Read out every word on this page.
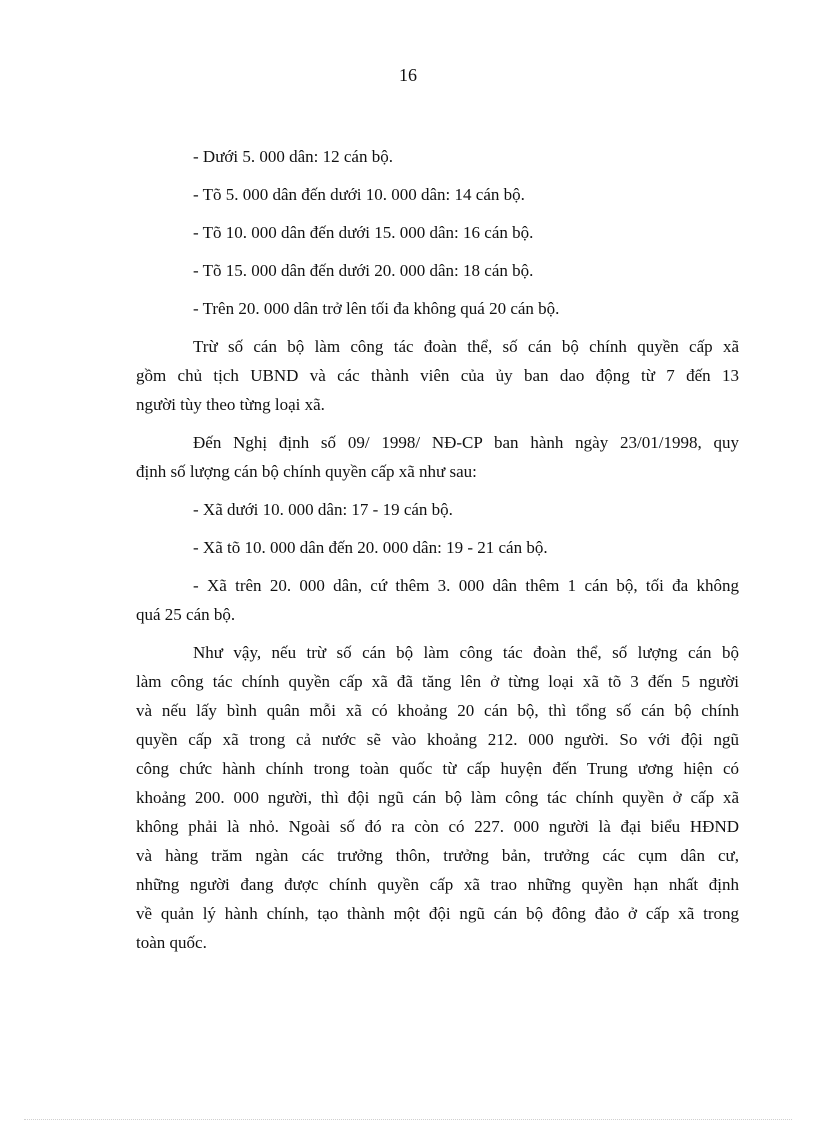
16
- Dưới 5. 000 dân: 12 cán bộ.
- Tõ 5. 000 dân đến dưới 10. 000 dân: 14 cán bộ.
- Tõ 10. 000 dân đến dưới 15. 000 dân: 16 cán bộ.
- Tõ 15. 000 dân đến dưới 20. 000 dân: 18 cán bộ.
- Trên 20. 000 dân trở lên tối đa không quá 20 cán bộ.
Trừ số cán bộ làm công tác đoàn thể, số cán bộ chính quyền cấp xã
gồm chủ tịch UBND và các thành viên của ủy ban dao động từ 7 đến 13
người tùy theo từng loại xã.
Đến Nghị định số 09/ 1998/ NĐ-CP ban hành ngày 23/01/1998, quy
định số lượng cán bộ chính quyền cấp xã như sau:
- Xã dưới 10. 000 dân: 17 - 19 cán bộ.
- Xã tõ 10. 000 dân đến 20. 000 dân: 19 - 21 cán bộ.
- Xã trên 20. 000 dân, cứ thêm 3. 000 dân thêm 1 cán bộ, tối đa không
quá 25 cán bộ.
Như vậy, nếu trừ số cán bộ làm công tác đoàn thể, số lượng cán bộ
làm công tác chính quyền cấp xã đã tăng lên ở từng loại xã tõ 3 đến 5 người
và nếu lấy bình quân mỗi xã có khoảng 20 cán bộ, thì tổng số cán bộ chính
quyền cấp xã trong cả nước sẽ vào khoảng 212. 000 người. So với đội ngũ
công chức hành chính trong toàn quốc từ cấp huyện đến Trung ương hiện có
khoảng 200. 000 người, thì đội ngũ cán bộ làm công tác chính quyền ở cấp xã
không phải là nhỏ. Ngoài số đó ra còn có 227. 000 người là đại biểu HĐND
và hàng trăm ngàn các trưởng thôn, trưởng bản, trưởng các cụm dân cư,
những người đang được chính quyền cấp xã trao những quyền hạn nhất định
về quản lý hành chính, tạo thành một đội ngũ cán bộ đông đảo ở cấp xã trong
toàn quốc.
